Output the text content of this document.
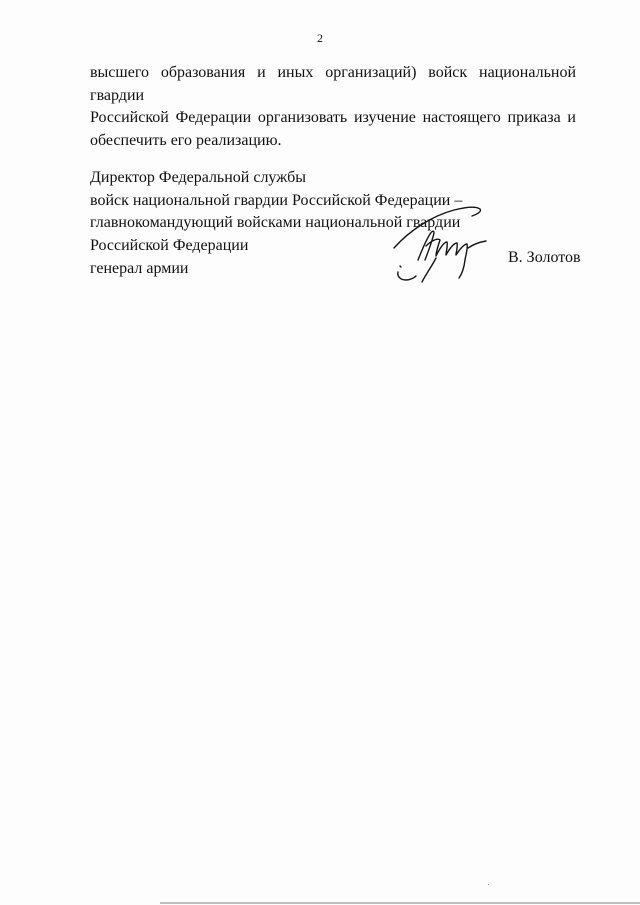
2
высшего образования и иных организаций) войск национальной гвардии
Российской Федерации организовать изучение настоящего приказа и
обеспечить его реализацию.
Директор Федеральной службы
войск национальной гвардии Российской Федерации –
главнокомандующий войсками национальной гвардии
Российской Федерации
генерал армии
В. Золотов
